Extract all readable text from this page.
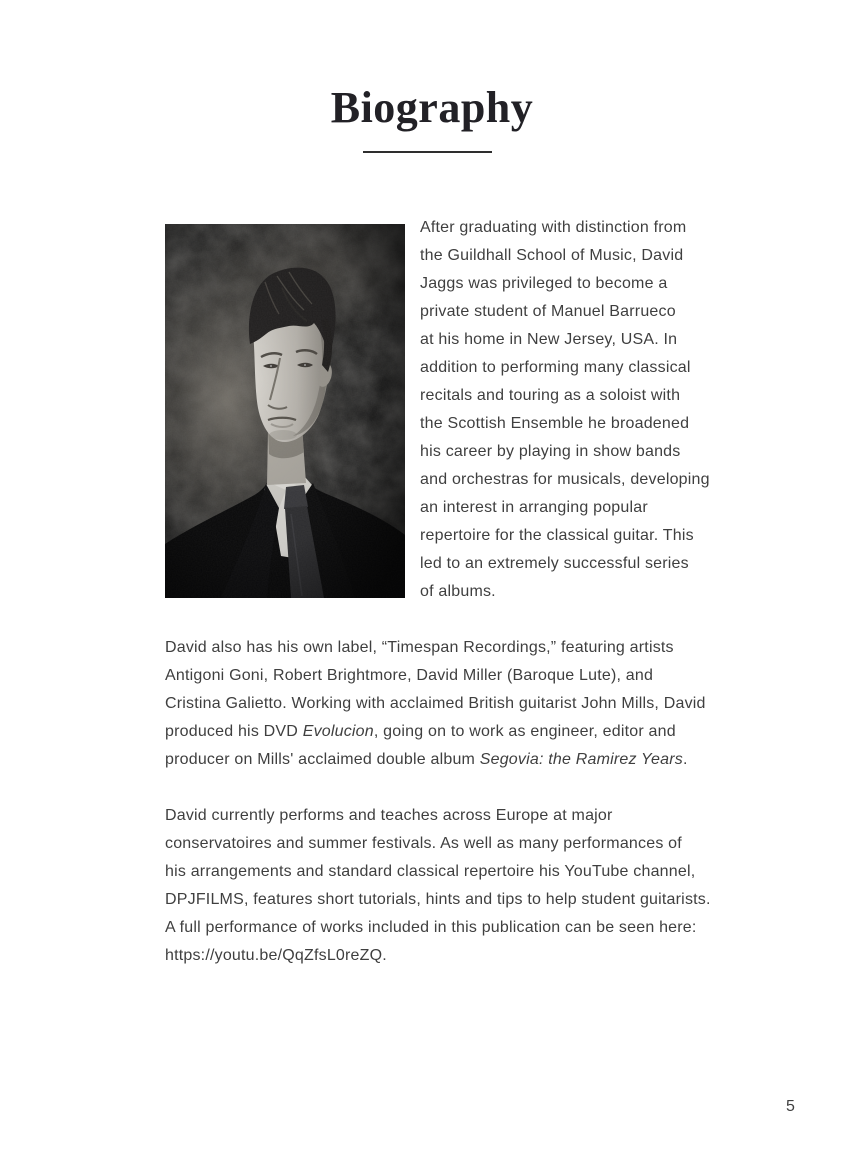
Biography
After graduating with distinction from
the Guildhall School of Music, David
Jaggs was privileged to become a
private student of Manuel Barrueco
at his home in New Jersey, USA. In
addition to performing many classical
recitals and touring as a soloist with
the Scottish Ensemble he broadened
his career by playing in show bands
and orchestras for musicals, developing
an interest in arranging popular
repertoire for the classical guitar. This
led to an extremely successful series
of albums.
David also has his own label, “Timespan Recordings,” featuring artists
Antigoni Goni, Robert Brightmore, David Miller (Baroque Lute), and
Cristina Galietto. Working with acclaimed British guitarist John Mills, David
produced his DVD Evolucion, going on to work as engineer, editor and
producer on Mills' acclaimed double album Segovia: the Ramirez Years.
David currently performs and teaches across Europe at major
conservatoires and summer festivals. As well as many performances of
his arrangements and standard classical repertoire his YouTube channel,
DPJFILMS, features short tutorials, hints and tips to help student guitarists.
A full performance of works included in this publication can be seen here:
https://youtu.be/QqZfsL0reZQ.
5
